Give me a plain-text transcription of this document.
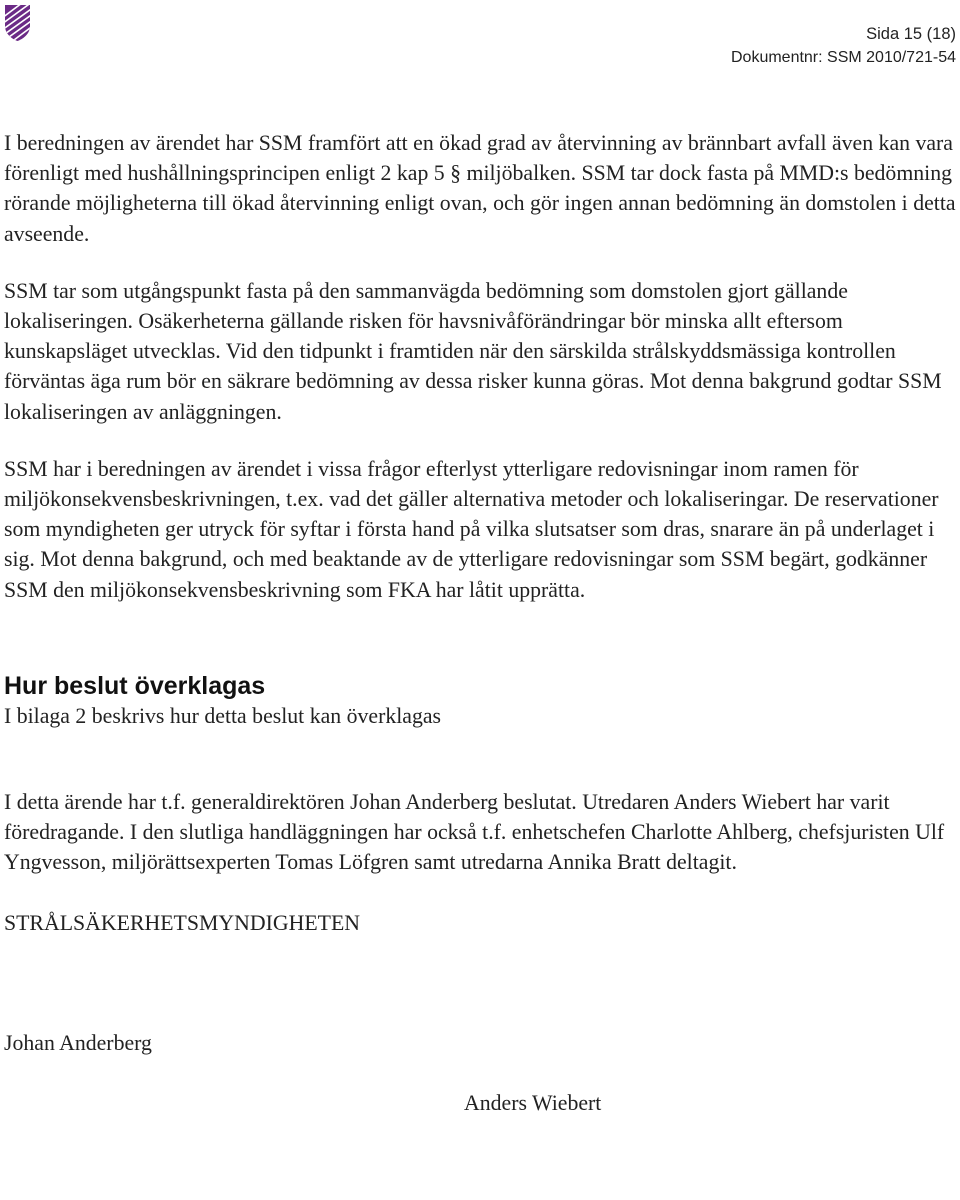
Sida 15 (18)
Dokumentnr: SSM 2010/721-54

I beredningen av ärendet har SSM framfört att en ökad grad av återvinning av brännbart avfall även kan vara förenligt med hushållningsprincipen enligt 2 kap 5 § miljöbalken. SSM tar dock fasta på MMD:s bedömning rörande möjligheterna till ökad återvinning enligt ovan, och gör ingen annan bedömning än domstolen i detta avseende.

SSM tar som utgångspunkt fasta på den sammanvägda bedömning som domstolen gjort gällande lokaliseringen. Osäkerheterna gällande risken för havsnivåförändringar bör minska allt eftersom kunskapsläget utvecklas. Vid den tidpunkt i framtiden när den särskilda strålskyddsmässiga kontrollen förväntas äga rum bör en säkrare bedömning av dessa risker kunna göras. Mot denna bakgrund godtar SSM lokaliseringen av anläggningen.

SSM har i beredningen av ärendet i vissa frågor efterlyst ytterligare redovisningar inom ramen för miljökonsekvensbeskrivningen, t.ex. vad det gäller alternativa metoder och lokaliseringar. De reservationer som myndigheten ger utryck för syftar i första hand på vilka slutsatser som dras, snarare än på underlaget i sig. Mot denna bakgrund, och med beaktande av de ytterligare redovisningar som SSM begärt, godkänner SSM den miljökonsekvensbeskrivning som FKA har låtit upprätta.

Hur beslut överklagas

I bilaga 2 beskrivs hur detta beslut kan överklagas

I detta ärende har t.f. generaldirektören Johan Anderberg beslutat. Utredaren Anders Wiebert har varit föredragande. I den slutliga handläggningen har också t.f. enhetschefen Charlotte Ahlberg, chefsjuristen Ulf Yngvesson, miljörättsexperten Tomas Löfgren samt utredarna Annika Bratt deltagit.

STRÅLSÄKERHETSMYNDIGHETEN

Johan Anderberg

Anders Wiebert
